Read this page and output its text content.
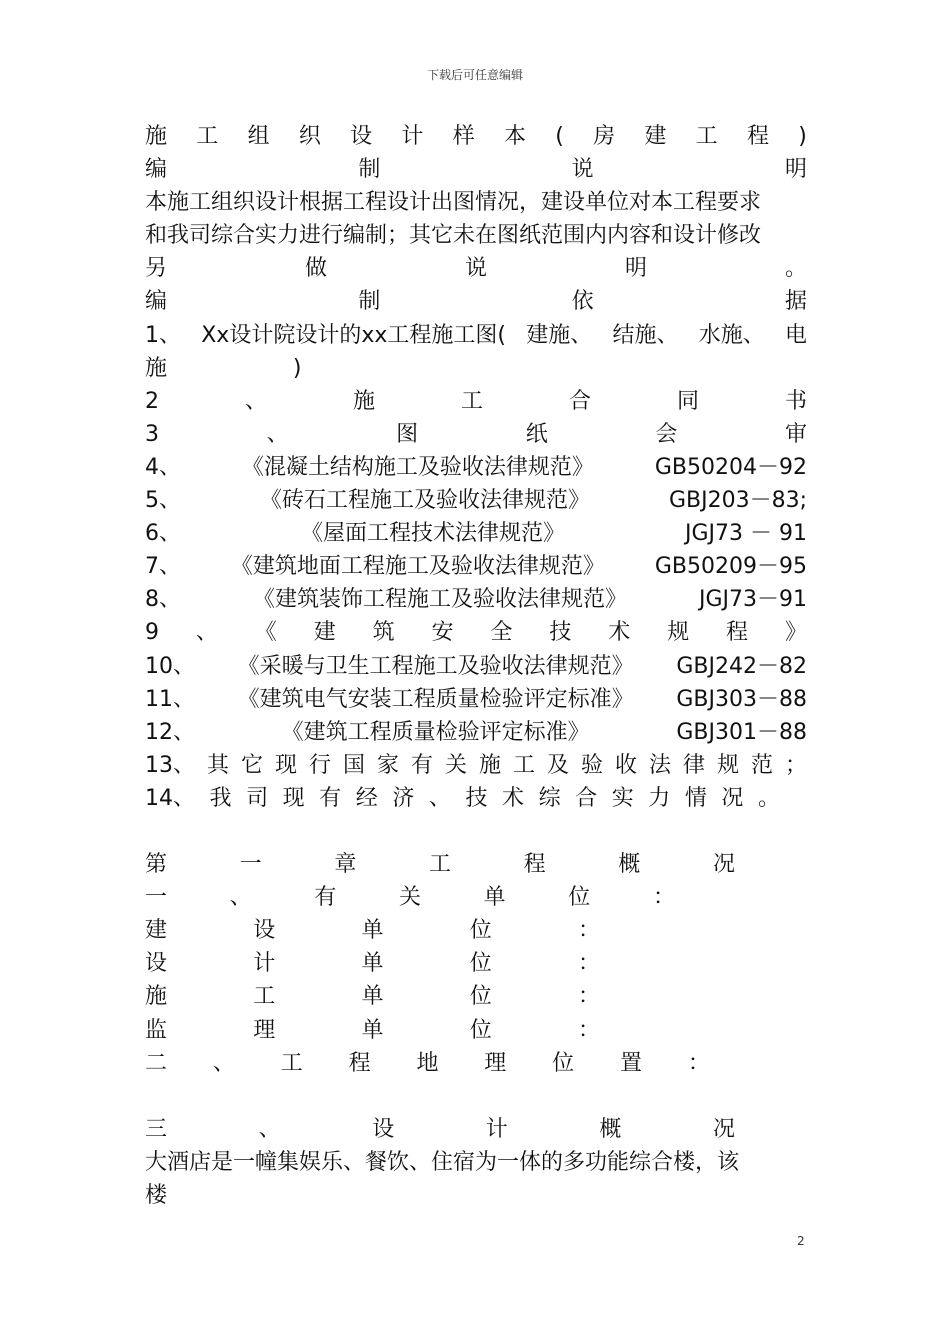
下载后可任意编辑
施 工 组 织 设 计 样 本 ( 房 建 工 程 )
编	制	说	明
本施工组织设计根据工程设计出图情况，建设单位对本工程要求
和我司综合实力进行编制；其它未在图纸范围内内容和设计修改
另	做	说	明	。
编	制	依	据
1、 Xx设计院设计的xx工程施工图( 建施、 结施、 水施、 电
施                  )
2	、	施	工	合	同	书
3	、	图	纸	会	审
4、	《混凝土结构施工及验收法律规范》	GB50204－92
5、	《砖石工程施工及验收法律规范》	GBJ203－83;
6、	《屋面工程技术法律规范》	JGJ73 － 91
7、 《建筑地面工程施工及验收法律规范》 GB50209－95
8、	《建筑装饰工程施工及验收法律规范》	JGJ73－91
9 、 《 建 筑 安 全 技 术 规 程 》
10、 《采暖与卫生工程施工及验收法律规范》 GBJ242－82
11、 《建筑电气安装工程质量检验评定标准》 GBJ303－88
12、	《建筑工程质量检验评定标准》	GBJ301－88
13、 其 它 现 行 国 家 有 关 施 工 及 验 收 法 律 规 范 ；
14、 我 司 现 有 经 济 、 技 术 综 合 实 力 情 况 。
第	一	章	工	程	概	况
一	、	有	关	单	位	：
建	设	单	位	：
设	计	单	位	：
施	工	单	位	：
监	理	单	位	：
二 、 工 程 地 理 位 置 ：
三	、	设	计	概	况
大酒店是一幢集娱乐、餐饮、住宿为一体的多功能综合楼，该
楼
2
